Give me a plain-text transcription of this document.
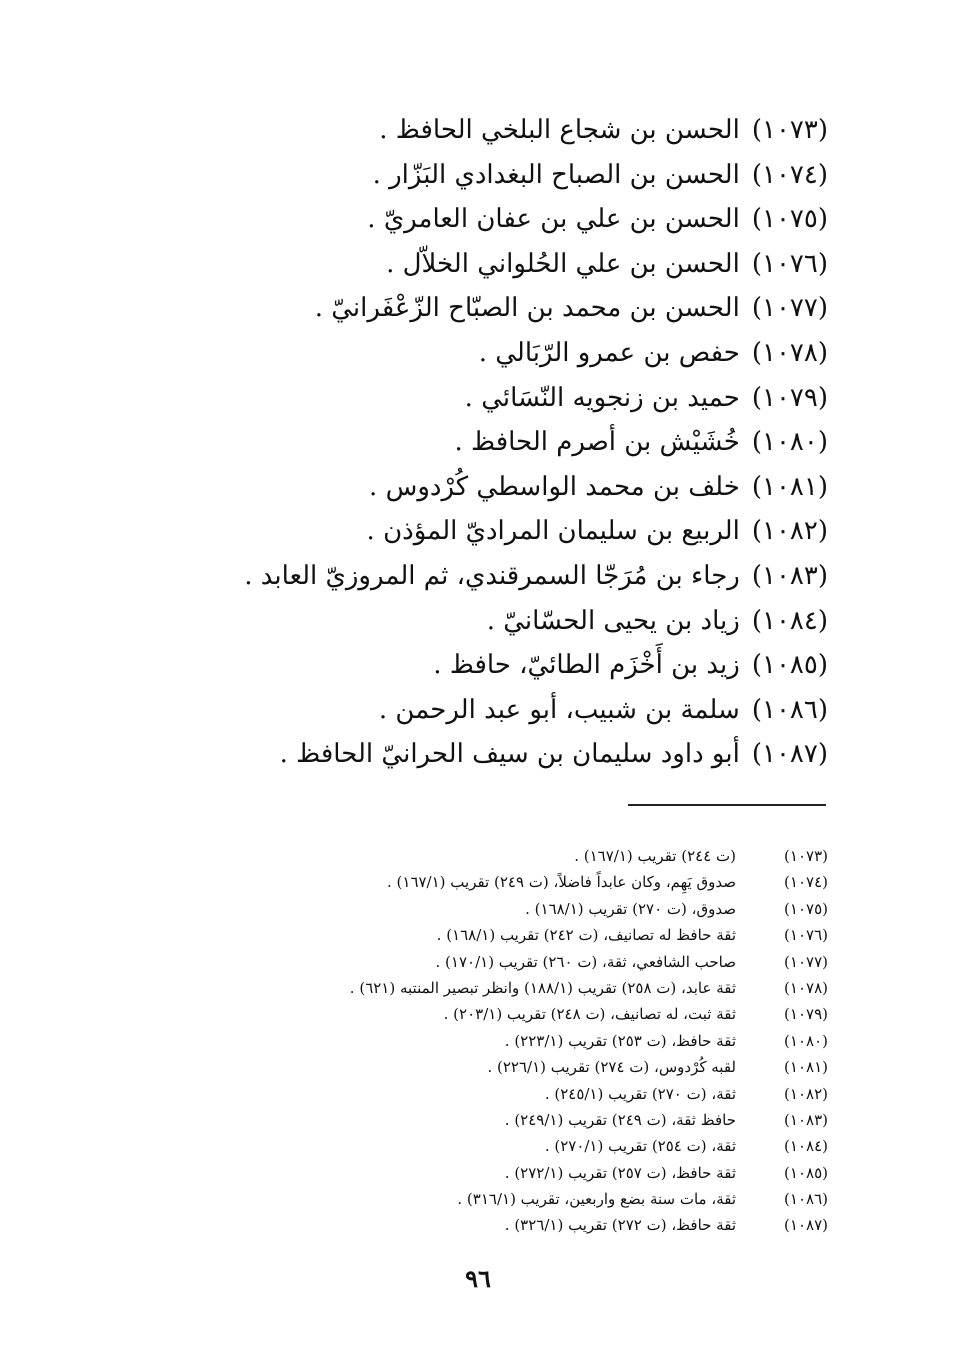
(١٠٧٣)الحسن بن شجاع البلخي الحافظ .
(١٠٧٤)الحسن بن الصباح البغدادي البَزّار .
(١٠٧٥)الحسن بن علي بن عفان العامريّ .
(١٠٧٦)الحسن بن علي الحُلواني الخلاّل .
(١٠٧٧)الحسن بن محمد بن الصبّاح الزّعْفَرانيّ .
(١٠٧٨)حفص بن عمرو الرّبَالي .
(١٠٧٩)حميد بن زنجويه النّسَائي .
(١٠٨٠)خُشَيْش بن أصرم الحافظ .
(١٠٨١)خلف بن محمد الواسطي كُرْدوس .
(١٠٨٢)الربيع بن سليمان المراديّ المؤذن .
(١٠٨٣)رجاء بن مُرَجّا السمرقندي، ثم المروزيّ العابد .
(١٠٨٤)زياد بن يحيى الحسّانيّ .
(١٠٨٥)زيد بن أَخْزَم الطائيّ، حافظ .
(١٠٨٦)سلمة بن شبيب، أبو عبد الرحمن .
(١٠٨٧)أبو داود سليمان بن سيف الحرانيّ الحافظ .
(١٠٧٣)(ت ٢٤٤) تقريب (١٦٧/١) .
(١٠٧٤)صدوق يَهِم، وكان عابداً فاضلاً، (ت ٢٤٩) تقريب (١٦٧/١) .
(١٠٧٥)صدوق، (ت ٢٧٠) تقريب (١٦٨/١) .
(١٠٧٦)ثقة حافظ له تصانيف، (ت ٢٤٢) تقريب (١٦٨/١) .
(١٠٧٧)صاحب الشافعي، ثقة، (ت ٢٦٠) تقريب (١٧٠/١) .
(١٠٧٨)ثقة عابد، (ت ٢٥٨) تقريب (١٨٨/١) وانظر تبصير المنتبه (٦٢١) .
(١٠٧٩)ثقة ثبت، له تصانيف، (ت ٢٤٨) تقريب (٢٠٣/١) .
(١٠٨٠)ثقة حافظ، (ت ٢٥٣) تقريب (٢٢٣/١) .
(١٠٨١)لقبه كُرْدوس، (ت ٢٧٤) تقريب (٢٢٦/١) .
(١٠٨٢)ثقة، (ت ٢٧٠) تقريب (٢٤٥/١) .
(١٠٨٣)حافظ ثقة، (ت ٢٤٩) تقريب (٢٤٩/١) .
(١٠٨٤)ثقة، (ت ٢٥٤) تقريب (٢٧٠/١) .
(١٠٨٥)ثقة حافظ، (ت ٢٥٧) تقريب (٢٧٢/١) .
(١٠٨٦)ثقة، مات سنة بضع واربعين، تقريب (٣١٦/١) .
(١٠٨٧)ثقة حافظ، (ت ٢٧٢) تقريب (٣٢٦/١) .
٩٦
